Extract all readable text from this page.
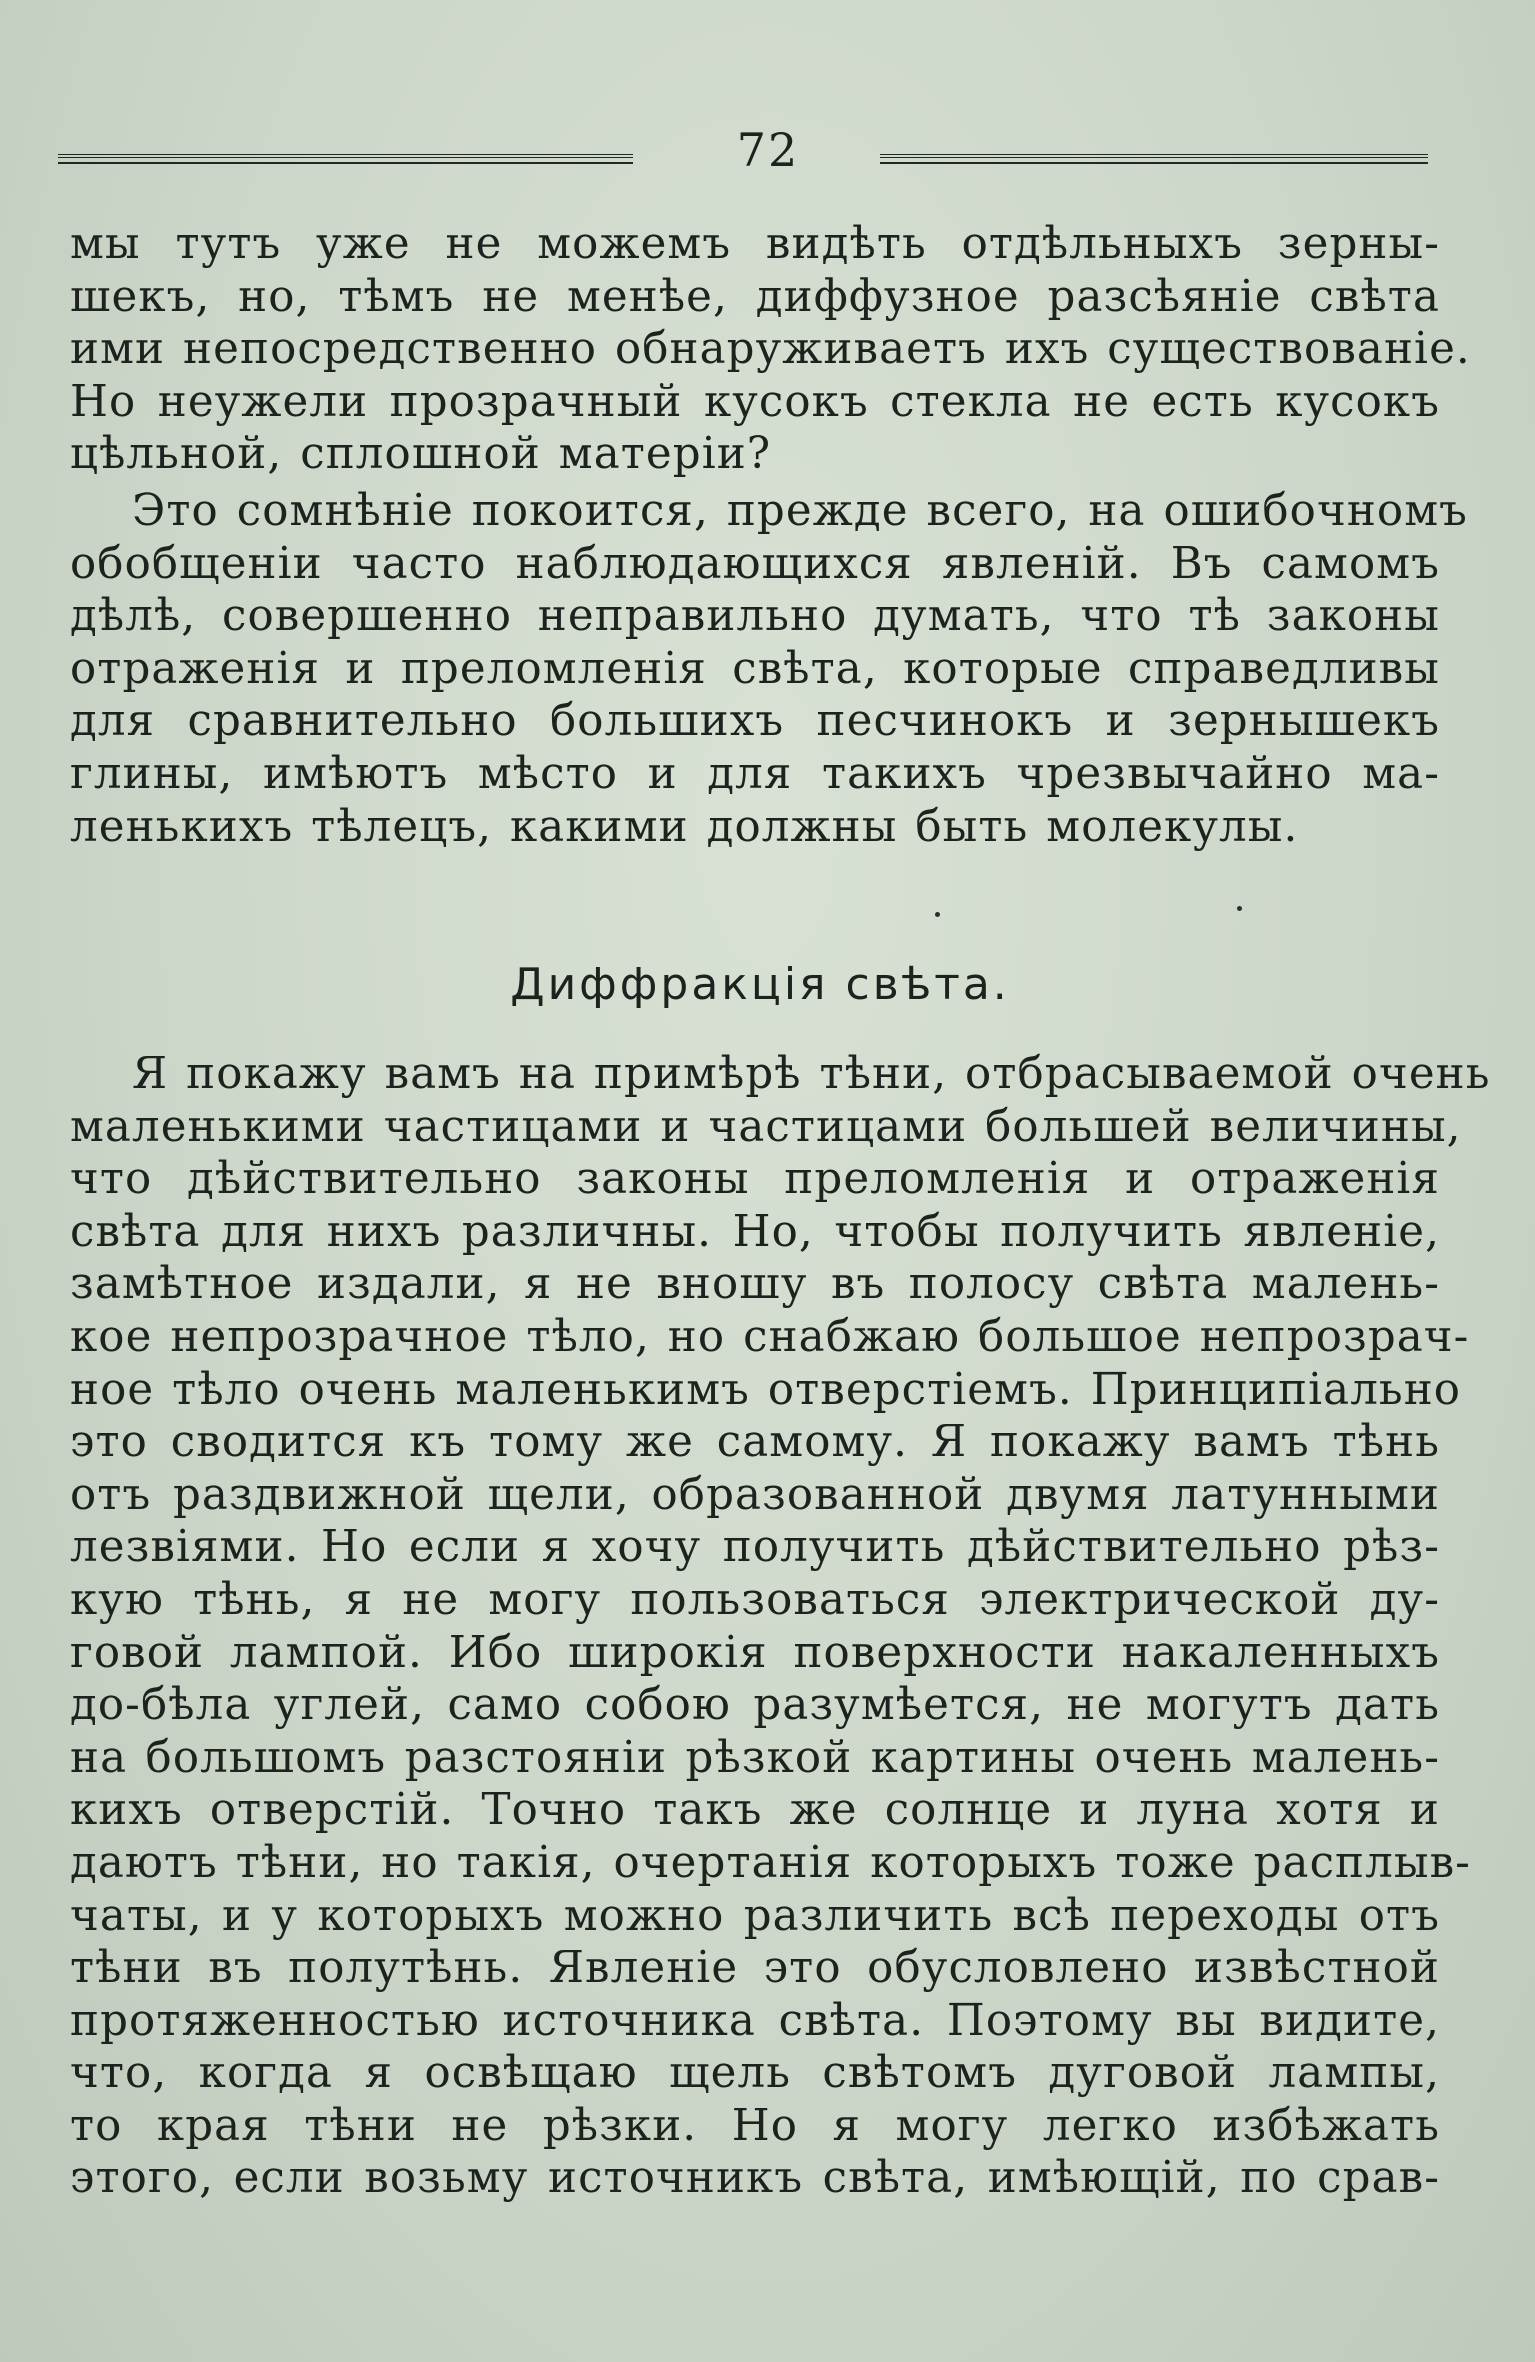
72
мы тутъ уже не можемъ видѣть отдѣльныхъ зерны-
шекъ, но, тѣмъ не менѣе, диффузное разсѣяніе свѣта
ими непосредственно обнаруживаетъ ихъ существованіе.
Но неужели прозрачный кусокъ стекла не есть кусокъ
цѣльной, сплошной матеріи?
Это сомнѣніе покоится, прежде всего, на ошибочномъ
обобщеніи часто наблюдающихся явленій. Въ самомъ
дѣлѣ, совершенно неправильно думать, что тѣ законы
отраженія и преломленія свѣта, которые справедливы
для сравнительно большихъ песчинокъ и зернышекъ
глины, имѣютъ мѣсто и для такихъ чрезвычайно ма-
ленькихъ тѣлецъ, какими должны быть молекулы.
Диффракція свѣта.
Я покажу вамъ на примѣрѣ тѣни, отбрасываемой очень
маленькими частицами и частицами большей величины,
что дѣйствительно законы преломленія и отраженія
свѣта для нихъ различны. Но, чтобы получить явленіе,
замѣтное издали, я не вношу въ полосу свѣта малень-
кое непрозрачное тѣло, но снабжаю большое непрозрач-
ное тѣло очень маленькимъ отверстіемъ. Принципіально
это сводится къ тому же самому. Я покажу вамъ тѣнь
отъ раздвижной щели, образованной двумя латунными
лезвіями. Но если я хочу получить дѣйствительно рѣз-
кую тѣнь, я не могу пользоваться электрической ду-
говой лампой. Ибо широкія поверхности накаленныхъ
до-бѣла углей, само собою разумѣется, не могутъ дать
на большомъ разстояніи рѣзкой картины очень малень-
кихъ отверстій. Точно такъ же солнце и луна хотя и
даютъ тѣни, но такія, очертанія которыхъ тоже расплыв-
чаты, и у которыхъ можно различить всѣ переходы отъ
тѣни въ полутѣнь. Явленіе это обусловлено извѣстной
протяженностью источника свѣта. Поэтому вы видите,
что, когда я освѣщаю щель свѣтомъ дуговой лампы,
то края тѣни не рѣзки. Но я могу легко избѣжать
этого, если возьму источникъ свѣта, имѣющій, по срав-
